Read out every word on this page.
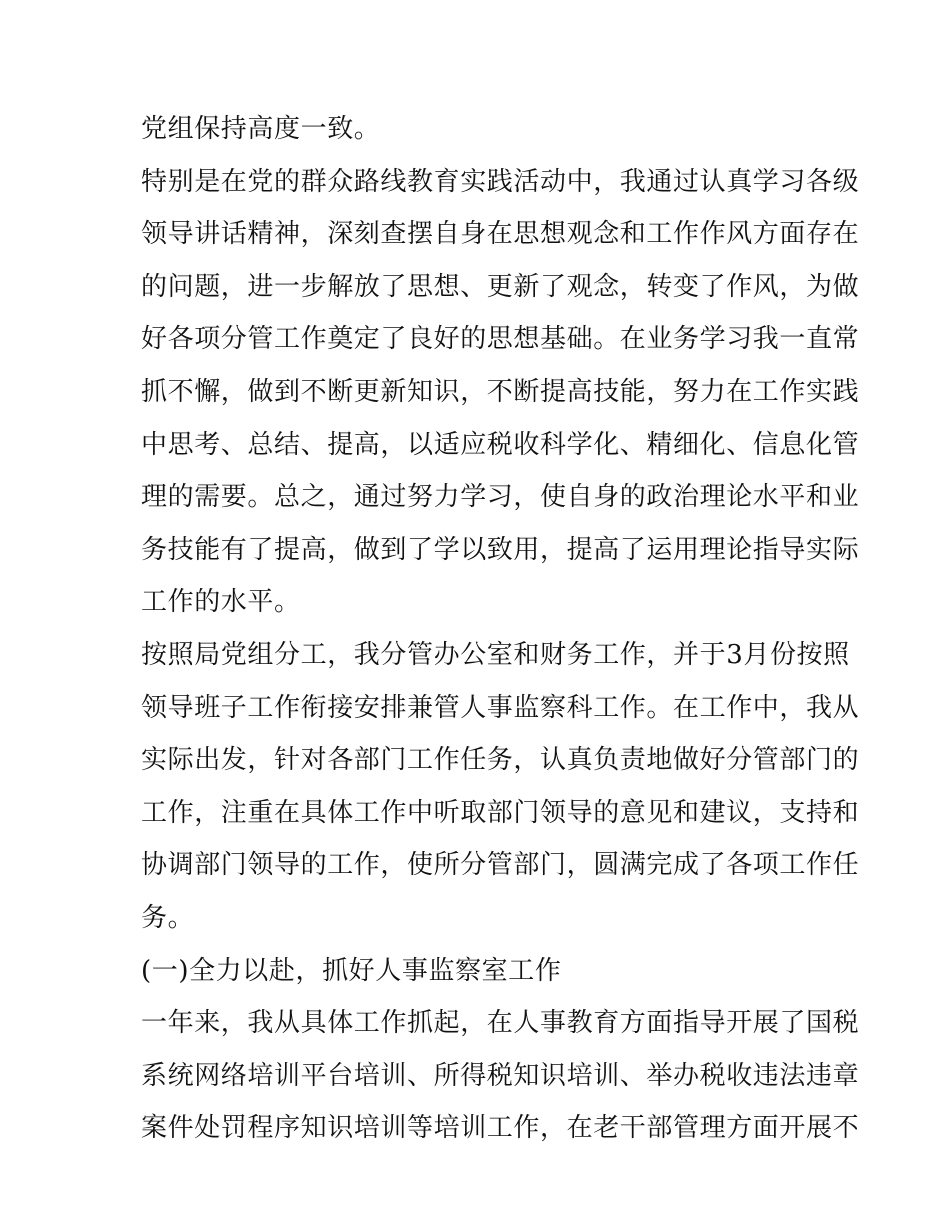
党组保持高度一致。
特别是在党的群众路线教育实践活动中，我通过认真学习各级
领导讲话精神，深刻查摆自身在思想观念和工作作风方面存在
的问题，进一步解放了思想、更新了观念，转变了作风，为做
好各项分管工作奠定了良好的思想基础。在业务学习我一直常
抓不懈，做到不断更新知识，不断提高技能，努力在工作实践
中思考、总结、提高，以适应税收科学化、精细化、信息化管
理的需要。总之，通过努力学习，使自身的政治理论水平和业
务技能有了提高，做到了学以致用，提高了运用理论指导实际
工作的水平。
按照局党组分工，我分管办公室和财务工作，并于3月份按照
领导班子工作衔接安排兼管人事监察科工作。在工作中，我从
实际出发，针对各部门工作任务，认真负责地做好分管部门的
工作，注重在具体工作中听取部门领导的意见和建议，支持和
协调部门领导的工作，使所分管部门，圆满完成了各项工作任
务。
(一)全力以赴，抓好人事监察室工作
一年来，我从具体工作抓起，在人事教育方面指导开展了国税
系统网络培训平台培训、所得税知识培训、举办税收违法违章
案件处罚程序知识培训等培训工作，在老干部管理方面开展不
